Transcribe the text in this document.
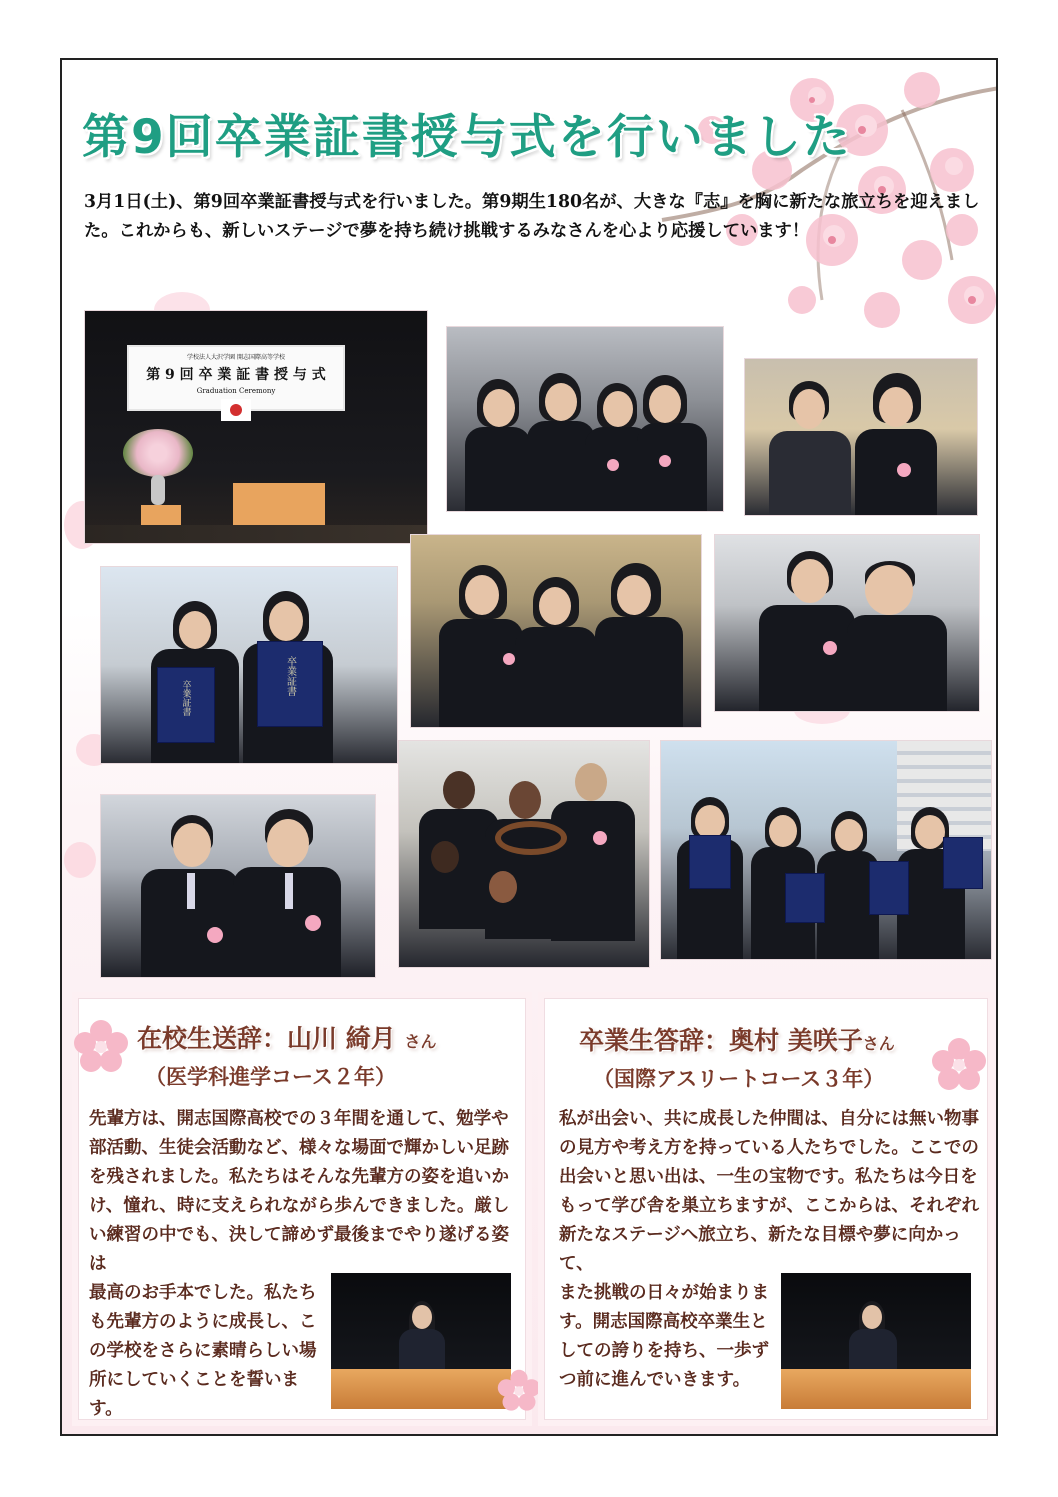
第9回卒業証書授与式を行いました

3月1日(土)、第9回卒業証書授与式を行いました。第9期生180名が、大きな『志』を胸に新たな旅立ちを迎えました。これからも、新しいステージで夢を持ち続け挑戦するみなさんを心より応援しています！

学校法人大沢学園 開志国際高等学校
第 9 回 卒 業 証 書 授 与 式
Graduation Ceremony
卒業証書
卒業証書
在校生送辞：山川 綺月 さん
（医学科進学コース２年）

先輩方は、開志国際高校での３年間を通して、勉学や部活動、生徒会活動など、様々な場面で輝かしい足跡を残されました。私たちはそんな先輩方の姿を追いかけ、憧れ、時に支えられながら歩んできました。厳しい練習の中でも、決して諦めず最後までやり遂げる姿は

最高のお手本でした。私たちも先輩方のように成長し、この学校をさらに素晴らしい場所にしていくことを誓います。

卒業生答辞：奥村 美咲子さん
（国際アスリートコース３年）

私が出会い、共に成長した仲間は、自分には無い物事の見方や考え方を持っている人たちでした。ここでの出会いと思い出は、一生の宝物です。私たちは今日をもって学び舎を巣立ちますが、ここからは、それぞれ新たなステージへ旅立ち、新たな目標や夢に向かって、

また挑戦の日々が始まります。開志国際高校卒業生としての誇りを持ち、一歩ずつ前に進んでいきます。
